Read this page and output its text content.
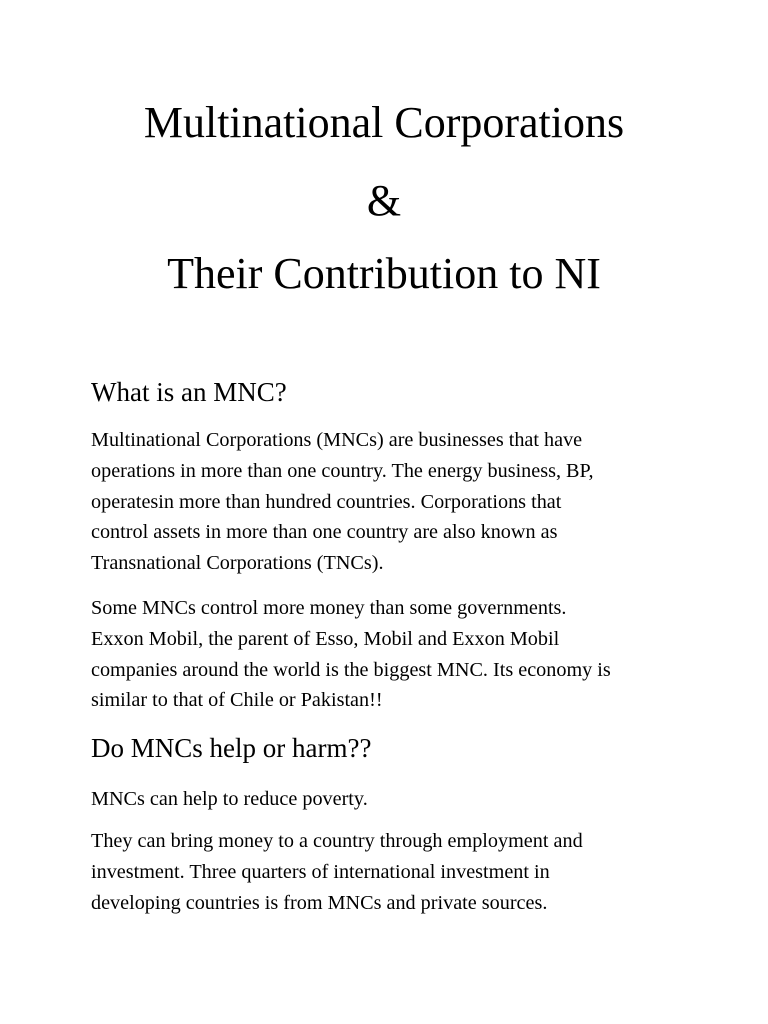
Multinational Corporations
&
Their Contribution to NI
What is an MNC?

Multinational Corporations (MNCs) are businesses that have
operations in more than one country. The energy business, BP,
operatesin more than hundred countries. Corporations that
control assets in more than one country are also known as
Transnational Corporations (TNCs).

Some MNCs control more money than some governments.
Exxon Mobil, the parent of Esso, Mobil and Exxon Mobil
companies around the world is the biggest MNC. Its economy is
similar to that of Chile or Pakistan!!

Do MNCs help or harm??

MNCs can help to reduce poverty.

They can bring money to a country through employment and
investment. Three quarters of international investment in
developing countries is from MNCs and private sources.
